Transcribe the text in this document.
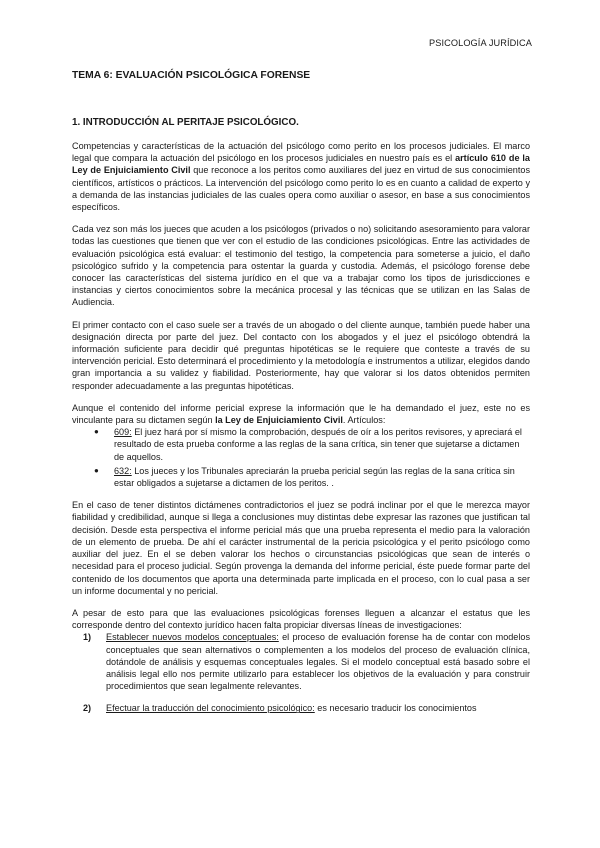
PSICOLOGÍA JURÍDICA
TEMA 6: EVALUACIÓN PSICOLÓGICA FORENSE
1. INTRODUCCIÓN AL PERITAJE PSICOLÓGICO.

Competencias y características de la actuación del psicólogo como perito en los procesos judiciales. El marco legal que compara la actuación del psicólogo en los procesos judiciales en nuestro país es el artículo 610 de la Ley de Enjuiciamiento Civil que reconoce a los peritos como auxiliares del juez en virtud de sus conocimientos científicos, artísticos o prácticos. La intervención del psicólogo como perito lo es en cuanto a calidad de experto y a demanda de las instancias judiciales de las cuales opera como auxiliar o asesor, en base a sus conocimientos específicos.

Cada vez son más los jueces que acuden a los psicólogos (privados o no) solicitando asesoramiento para valorar todas las cuestiones que tienen que ver con el estudio de las condiciones psicológicas. Entre las actividades de evaluación psicológica está evaluar: el testimonio del testigo, la competencia para someterse a juicio, el daño psicológico sufrido y la competencia para ostentar la guarda y custodia. Además, el psicólogo forense debe conocer las características del sistema jurídico en el que va a trabajar como los tipos de jurisdicciones e instancias y ciertos conocimientos sobre la mecánica procesal y las técnicas que se utilizan en las Salas de Audiencia.

El primer contacto con el caso suele ser a través de un abogado o del cliente aunque, también puede haber una designación directa por parte del juez. Del contacto con los abogados y el juez el psicólogo obtendrá la información suficiente para decidir qué preguntas hipotéticas se le requiere que conteste a través de su intervención pericial. Esto determinará el procedimiento y la metodología e instrumentos a utilizar, elegidos dando gran importancia a su validez y fiabilidad. Posteriormente, hay que valorar si los datos obtenidos permiten responder adecuadamente a las preguntas hipotéticas.

Aunque el contenido del informe pericial exprese la información que le ha demandado el juez, este no es vinculante para su dictamen según la Ley de Enjuiciamiento Civil. Artículos:

● 609: El juez hará por sí mismo la comprobación, después de oír a los peritos revisores, y apreciará el resultado de esta prueba conforme a las reglas de la sana crítica, sin tener que sujetarse a dictamen de aquellos.
● 632: Los jueces y los Tribunales apreciarán la prueba pericial según las reglas de la sana crítica sin estar obligados a sujetarse a dictamen de los peritos. .

En el caso de tener distintos dictámenes contradictorios el juez se podrá inclinar por el que le merezca mayor fiabilidad y credibilidad, aunque si llega a conclusiones muy distintas debe expresar las razones que justifican tal decisión. Desde esta perspectiva el informe pericial más que una prueba representa el medio para la valoración de un elemento de prueba. De ahí el carácter instrumental de la pericia psicológica y el perito psicólogo como auxiliar del juez. En el se deben valorar los hechos o circunstancias psicológicas que sean de interés o necesidad para el proceso judicial. Según provenga la demanda del informe pericial, éste puede formar parte del contenido de los documentos que aporta una determinada parte implicada en el proceso, con lo cual pasa a ser un informe documental y no pericial.

A pesar de esto para que las evaluaciones psicológicas forenses lleguen a alcanzar el estatus que les corresponde dentro del contexto jurídico hacen falta propiciar diversas líneas de investigaciones:

1) Establecer nuevos modelos conceptuales: el proceso de evaluación forense ha de contar con modelos conceptuales que sean alternativos o complementen a los modelos del proceso de evaluación clínica, dotándole de análisis y esquemas conceptuales legales. Si el modelo conceptual está basado sobre el análisis legal ello nos permite utilizarlo para establecer los objetivos de la evaluación y para construir procedimientos que sean legalmente relevantes.
2) Efectuar la traducción del conocimiento psicológico: es necesario traducir los conocimientos
